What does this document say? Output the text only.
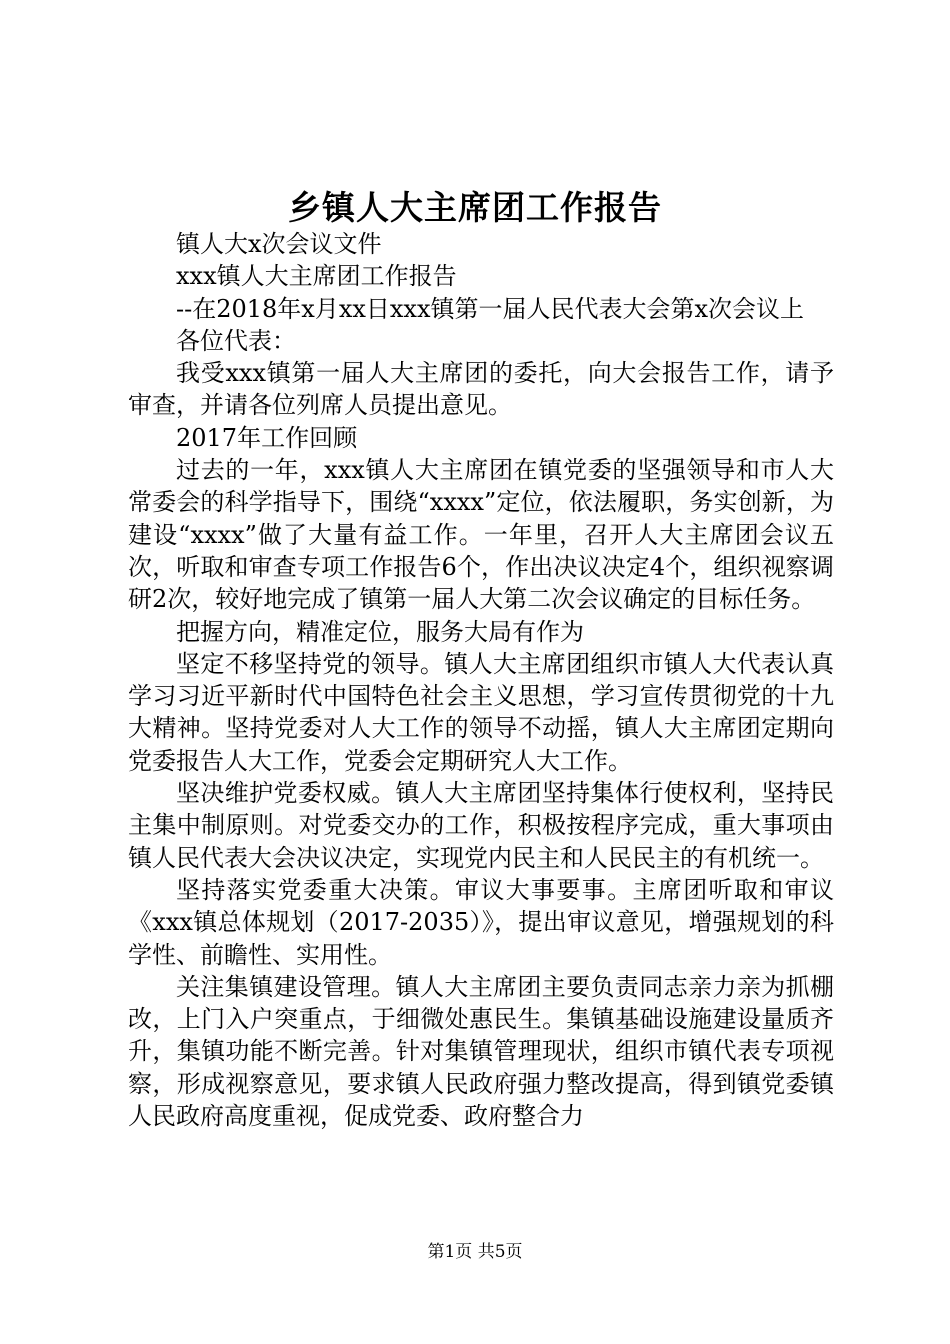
乡镇人大主席团工作报告

镇人大x次会议文件

xxx镇人大主席团工作报告

--在2018年x月xx日xxx镇第一届人民代表大会第x次会议上

各位代表：

我受xxx镇第一届人大主席团的委托，向大会报告工作，请予审查，并请各位列席人员提出意见。

2017年工作回顾

过去的一年，xxx镇人大主席团在镇党委的坚强领导和市人大常委会的科学指导下，围绕“xxxx”定位，依法履职，务实创新，为建设“xxxx”做了大量有益工作。一年里，召开人大主席团会议五次，听取和审查专项工作报告6个，作出决议决定4个，组织视察调研2次，较好地完成了镇第一届人大第二次会议确定的目标任务。

把握方向，精准定位，服务大局有作为

坚定不移坚持党的领导。镇人大主席团组织市镇人大代表认真学习习近平新时代中国特色社会主义思想，学习宣传贯彻党的十九大精神。坚持党委对人大工作的领导不动摇，镇人大主席团定期向党委报告人大工作，党委会定期研究人大工作。

坚决维护党委权威。镇人大主席团坚持集体行使权利，坚持民主集中制原则。对党委交办的工作，积极按程序完成，重大事项由镇人民代表大会决议决定，实现党内民主和人民民主的有机统一。

坚持落实党委重大决策。审议大事要事。主席团听取和审议《xxx镇总体规划（2017-2035）》，提出审议意见，增强规划的科学性、前瞻性、实用性。

关注集镇建设管理。镇人大主席团主要负责同志亲力亲为抓棚改，上门入户突重点，于细微处惠民生。集镇基础设施建设量质齐升，集镇功能不断完善。针对集镇管理现状，组织市镇代表专项视察，形成视察意见，要求镇人民政府强力整改提高，得到镇党委镇人民政府高度重视，促成党委、政府整合力

第1页 共5页
